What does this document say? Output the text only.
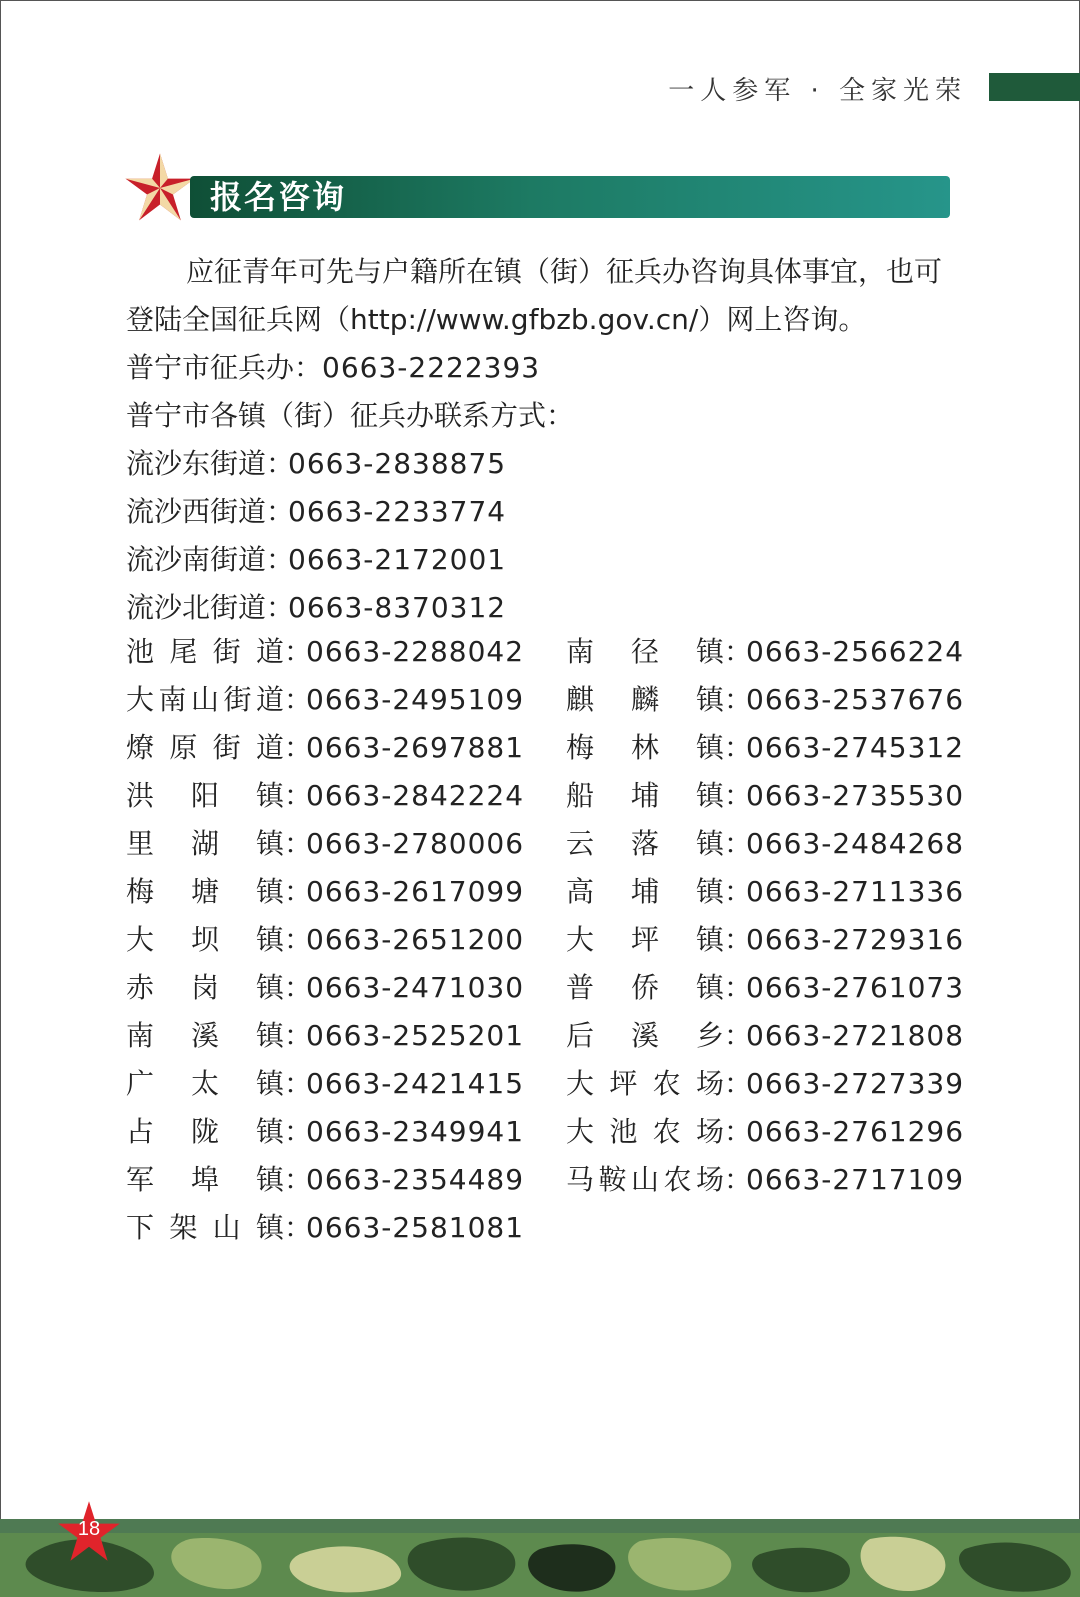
一人参军 · 全家光荣
报名咨询
应征青年可先与户籍所在镇（街）征兵办咨询具体事宜，也可登陆全国征兵网（http://www.gfbzb.gov.cn/）网上咨询。
普宁市征兵办：0663-2222393
普宁市各镇（街）征兵办联系方式：
流沙东街道：0663-2838875
流沙西街道：0663-2233774
流沙南街道：0663-2172001
流沙北街道：0663-8370312
池尾街道：0663-2288042
大南山街道：0663-2495109
燎原街道：0663-2697881
洪阳镇：0663-2842224
里湖镇：0663-2780006
梅塘镇：0663-2617099
大坝镇：0663-2651200
赤岗镇：0663-2471030
南溪镇：0663-2525201
广太镇：0663-2421415
占陇镇：0663-2349941
军埠镇：0663-2354489
下架山镇：0663-2581081
南径镇：0663-2566224
麒麟镇：0663-2537676
梅林镇：0663-2745312
船埔镇：0663-2735530
云落镇：0663-2484268
高埔镇：0663-2711336
大坪镇：0663-2729316
普侨镇：0663-2761073
后溪乡：0663-2721808
大坪农场：0663-2727339
大池农场：0663-2761296
马鞍山农场：0663-2717109
18
